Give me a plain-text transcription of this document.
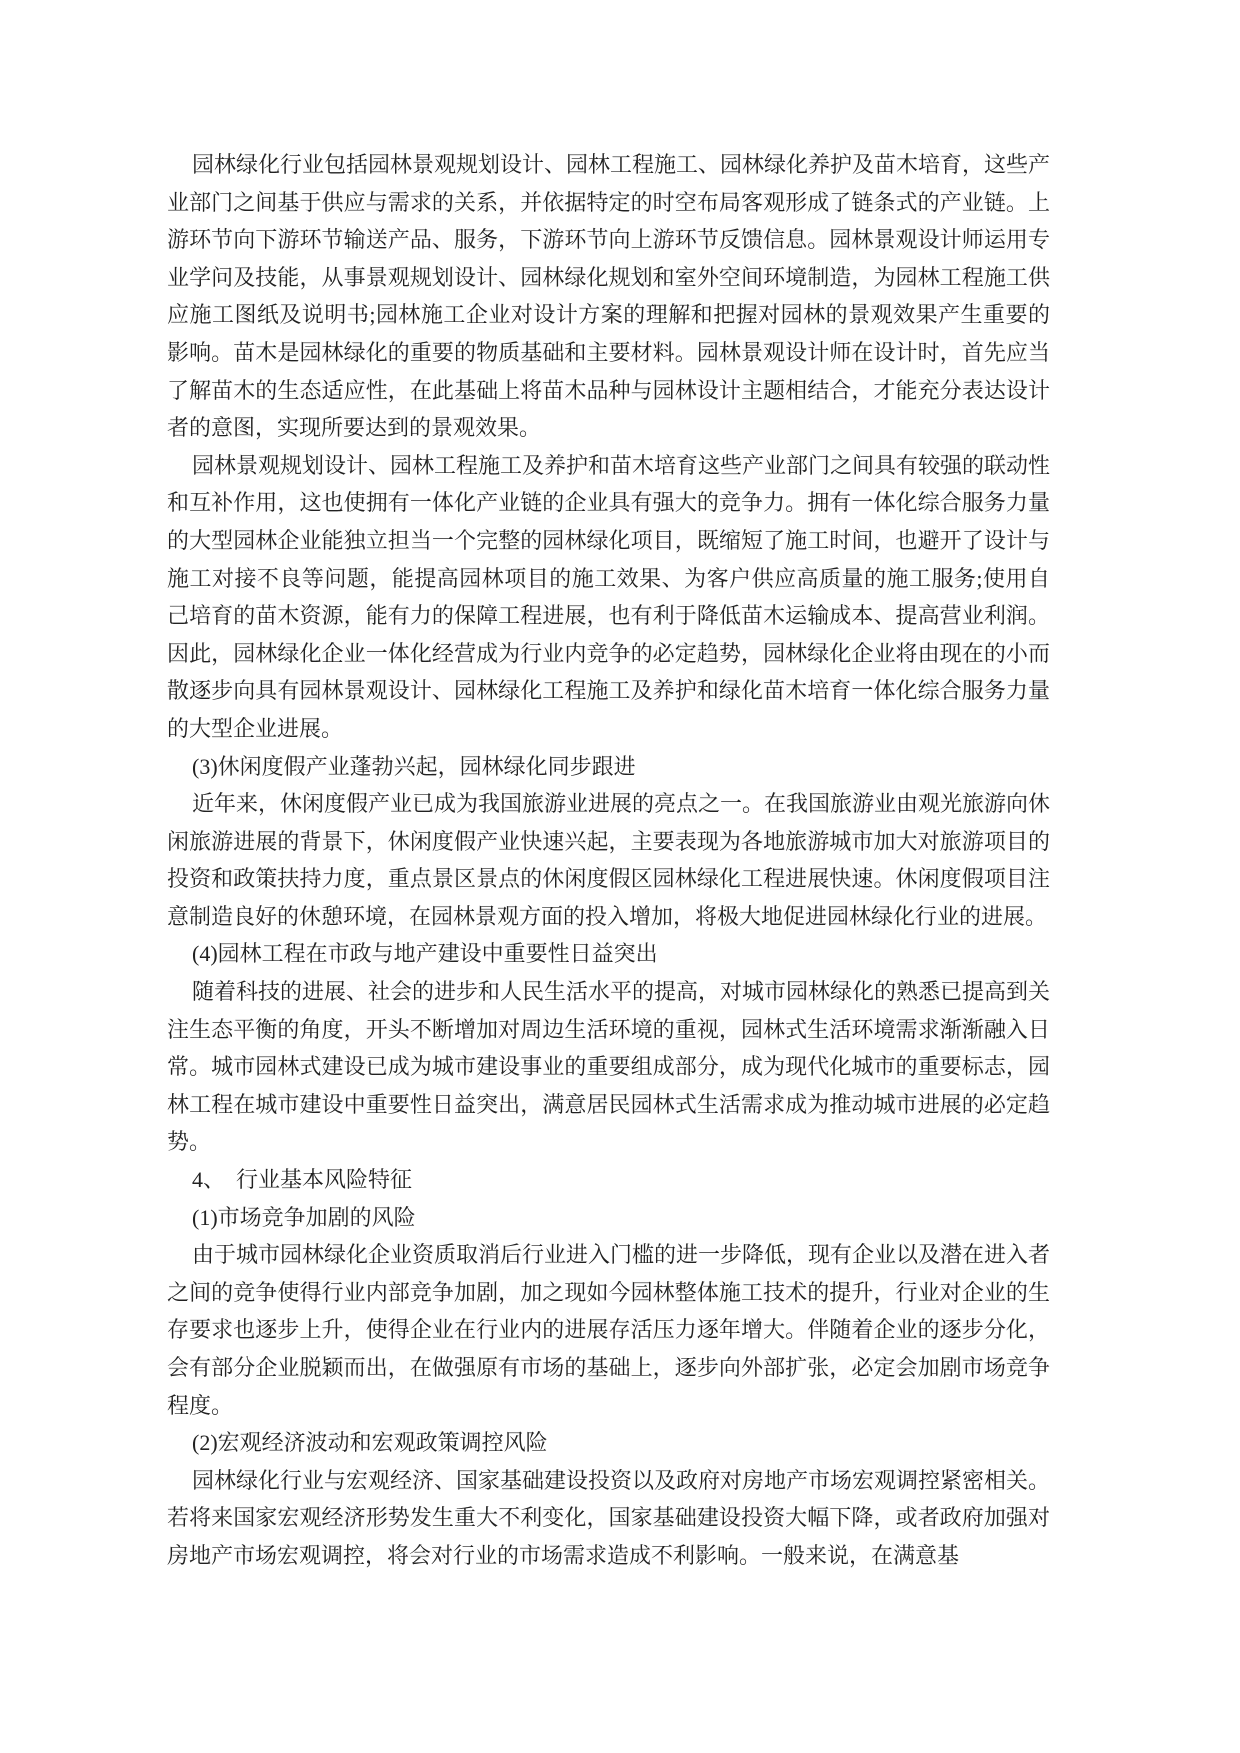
园林绿化行业包括园林景观规划设计、园林工程施工、园林绿化养护及苗木培育，这些产业部门之间基于供应与需求的关系，并依据特定的时空布局客观形成了链条式的产业链。上游环节向下游环节输送产品、服务，下游环节向上游环节反馈信息。园林景观设计师运用专业学问及技能，从事景观规划设计、园林绿化规划和室外空间环境制造，为园林工程施工供应施工图纸及说明书;园林施工企业对设计方案的理解和把握对园林的景观效果产生重要的影响。苗木是园林绿化的重要的物质基础和主要材料。园林景观设计师在设计时，首先应当了解苗木的生态适应性，在此基础上将苗木品种与园林设计主题相结合，才能充分表达设计者的意图，实现所要达到的景观效果。

园林景观规划设计、园林工程施工及养护和苗木培育这些产业部门之间具有较强的联动性和互补作用，这也使拥有一体化产业链的企业具有强大的竞争力。拥有一体化综合服务力量的大型园林企业能独立担当一个完整的园林绿化项目，既缩短了施工时间，也避开了设计与施工对接不良等问题，能提高园林项目的施工效果、为客户供应高质量的施工服务;使用自己培育的苗木资源，能有力的保障工程进展，也有利于降低苗木运输成本、提高营业利润。因此，园林绿化企业一体化经营成为行业内竞争的必定趋势，园林绿化企业将由现在的小而散逐步向具有园林景观设计、园林绿化工程施工及养护和绿化苗木培育一体化综合服务力量的大型企业进展。

(3)休闲度假产业蓬勃兴起，园林绿化同步跟进

近年来，休闲度假产业已成为我国旅游业进展的亮点之一。在我国旅游业由观光旅游向休闲旅游进展的背景下，休闲度假产业快速兴起，主要表现为各地旅游城市加大对旅游项目的投资和政策扶持力度，重点景区景点的休闲度假区园林绿化工程进展快速。休闲度假项目注意制造良好的休憩环境，在园林景观方面的投入增加，将极大地促进园林绿化行业的进展。

(4)园林工程在市政与地产建设中重要性日益突出

随着科技的进展、社会的进步和人民生活水平的提高，对城市园林绿化的熟悉已提高到关注生态平衡的角度，开头不断增加对周边生活环境的重视，园林式生活环境需求渐渐融入日常。城市园林式建设已成为城市建设事业的重要组成部分，成为现代化城市的重要标志，园林工程在城市建设中重要性日益突出，满意居民园林式生活需求成为推动城市进展的必定趋势。

4、　行业基本风险特征

(1)市场竞争加剧的风险

由于城市园林绿化企业资质取消后行业进入门槛的进一步降低，现有企业以及潜在进入者之间的竞争使得行业内部竞争加剧，加之现如今园林整体施工技术的提升，行业对企业的生存要求也逐步上升，使得企业在行业内的进展存活压力逐年增大。伴随着企业的逐步分化，会有部分企业脱颖而出，在做强原有市场的基础上，逐步向外部扩张，必定会加剧市场竞争程度。

(2)宏观经济波动和宏观政策调控风险

园林绿化行业与宏观经济、国家基础建设投资以及政府对房地产市场宏观调控紧密相关。若将来国家宏观经济形势发生重大不利变化，国家基础建设投资大幅下降，或者政府加强对房地产市场宏观调控，将会对行业的市场需求造成不利影响。一般来说，在满意基
